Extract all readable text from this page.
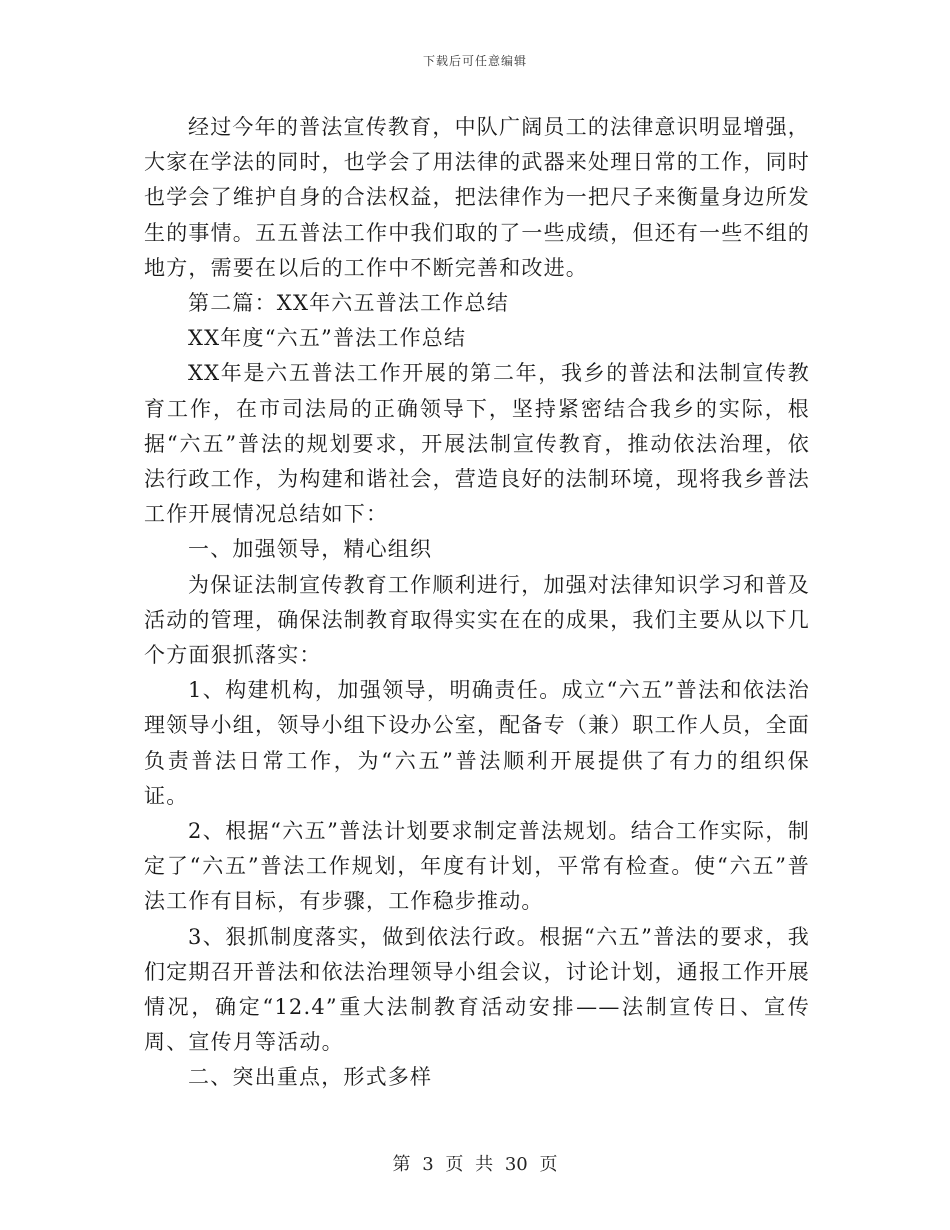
下载后可任意编辑

经过今年的普法宣传教育，中队广阔员工的法律意识明显增强，大家在学法的同时，也学会了用法律的武器来处理日常的工作，同时也学会了维护自身的合法权益，把法律作为一把尺子来衡量身边所发生的事情。五五普法工作中我们取的了一些成绩，但还有一些不组的地方，需要在以后的工作中不断完善和改进。

第二篇：XX年六五普法工作总结

XX年度“六五”普法工作总结

XX年是六五普法工作开展的第二年，我乡的普法和法制宣传教育工作，在市司法局的正确领导下，坚持紧密结合我乡的实际，根据“六五”普法的规划要求，开展法制宣传教育，推动依法治理，依法行政工作，为构建和谐社会，营造良好的法制环境，现将我乡普法工作开展情况总结如下：

一、加强领导，精心组织

为保证法制宣传教育工作顺利进行，加强对法律知识学习和普及活动的管理，确保法制教育取得实实在在的成果，我们主要从以下几个方面狠抓落实：

1、构建机构，加强领导，明确责任。成立“六五”普法和依法治理领导小组，领导小组下设办公室，配备专（兼）职工作人员，全面负责普法日常工作，为“六五”普法顺利开展提供了有力的组织保证。

2、根据“六五”普法计划要求制定普法规划。结合工作实际，制定了“六五”普法工作规划，年度有计划，平常有检查。使“六五”普法工作有目标，有步骤，工作稳步推动。

3、狠抓制度落实，做到依法行政。根据“六五”普法的要求，我们定期召开普法和依法治理领导小组会议，讨论计划，通报工作开展情况，确定“12.4”重大法制教育活动安排——法制宣传日、宣传周、宣传月等活动。

二、突出重点，形式多样

第 3 页 共 30 页
